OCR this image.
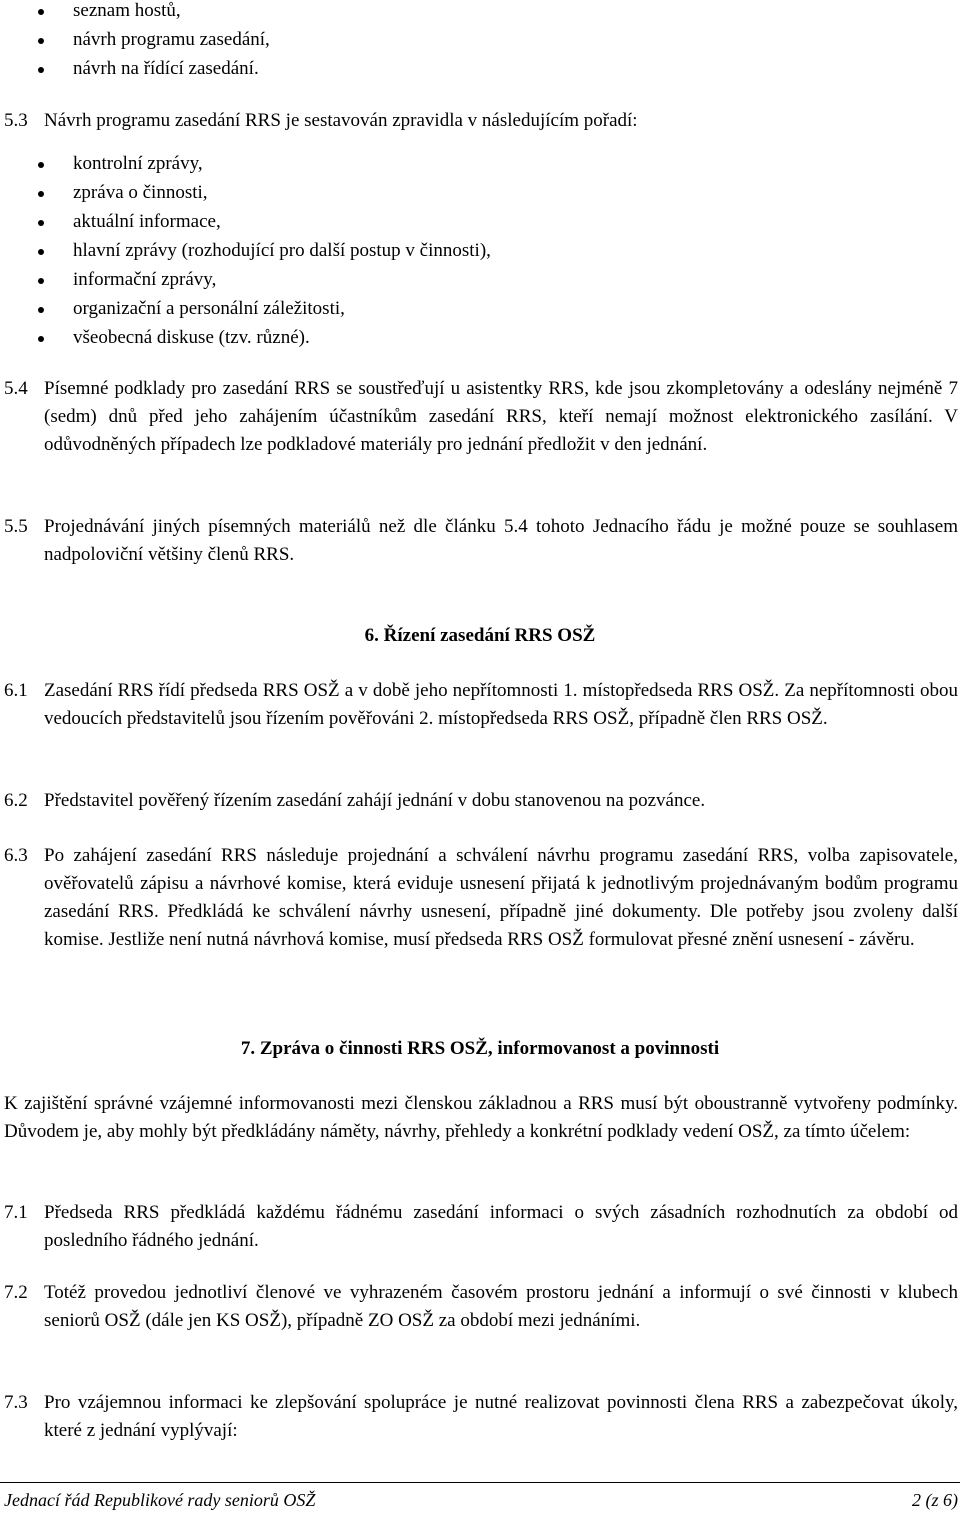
seznam hostů,
návrh programu zasedání,
návrh na řídící zasedání.
5.3 Návrh programu zasedání RRS je sestavován zpravidla v následujícím pořadí:
kontrolní zprávy,
zpráva o činnosti,
aktuální informace,
hlavní zprávy (rozhodující pro další postup v činnosti),
informační zprávy,
organizační a personální záležitosti,
všeobecná diskuse (tzv. různé).
5.4 Písemné podklady pro zasedání RRS se soustřeďují u asistentky RRS, kde jsou zkompletovány a odeslány nejméně 7 (sedm) dnů před jeho zahájením účastníkům zasedání RRS, kteří nemají možnost elektronického zasílání. V odůvodněných případech lze podkladové materiály pro jednání předložit v den jednání.
5.5 Projednávání jiných písemných materiálů než dle článku 5.4 tohoto Jednacího řádu je možné pouze se souhlasem nadpoloviční většiny členů RRS.
6. Řízení zasedání RRS OSŽ
6.1 Zasedání RRS řídí předseda RRS OSŽ a v době jeho nepřítomnosti 1. místopředseda RRS OSŽ. Za nepřítomnosti obou vedoucích představitelů jsou řízením pověřováni 2. místopředseda RRS OSŽ, případně člen RRS OSŽ.
6.2 Představitel pověřený řízením zasedání zahájí jednání v dobu stanovenou na pozvánce.
6.3 Po zahájení zasedání RRS následuje projednání a schválení návrhu programu zasedání RRS, volba zapisovatele, ověřovatelů zápisu a návrhové komise, která eviduje usnesení přijatá k jednotlivým projednávaným bodům programu zasedání RRS. Předkládá ke schválení návrhy usnesení, případně jiné dokumenty. Dle potřeby jsou zvoleny další komise. Jestliže není nutná návrhová komise, musí předseda RRS OSŽ formulovat přesné znění usnesení - závěru.
7. Zpráva o činnosti RRS OSŽ, informovanost a povinnosti
K zajištění správné vzájemné informovanosti mezi členskou základnou a RRS musí být oboustranně vytvořeny podmínky. Důvodem je, aby mohly být předkládány náměty, návrhy, přehledy a konkrétní podklady vedení OSŽ, za tímto účelem:
7.1 Předseda RRS předkládá každému řádnému zasedání informaci o svých zásadních rozhodnutích za období od posledního řádného jednání.
7.2 Totéž provedou jednotliví členové ve vyhrazeném časovém prostoru jednání a informují o své činnosti v klubech seniorů OSŽ (dále jen KS OSŽ), případně ZO OSŽ za období mezi jednáními.
7.3 Pro vzájemnou informaci ke zlepšování spolupráce je nutné realizovat povinnosti člena RRS a zabezpečovat úkoly, které z jednání vyplývají:
Jednací řád Republikové rady seniorů OSŽ	2 (z 6)
